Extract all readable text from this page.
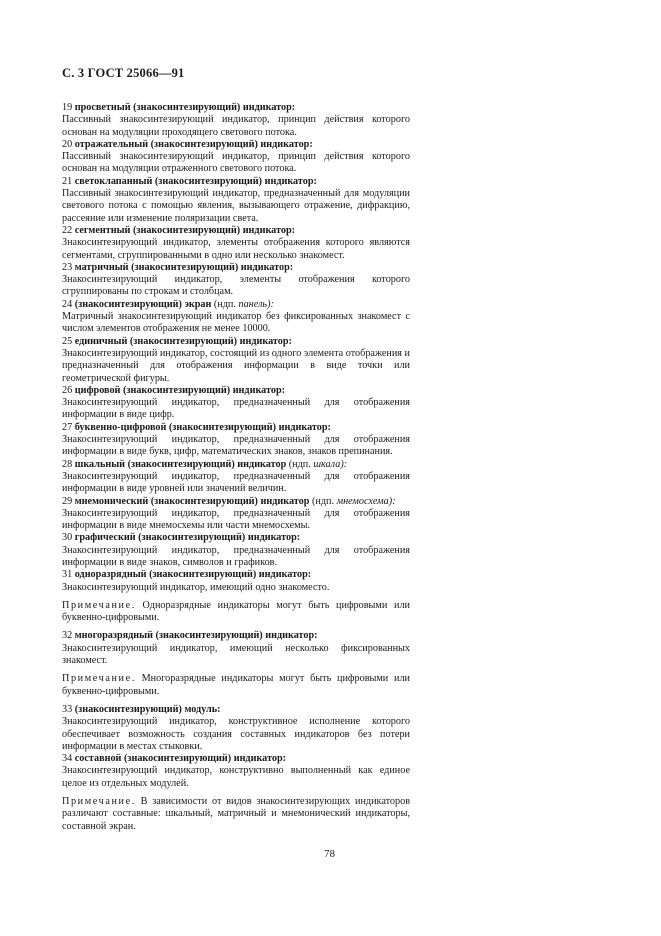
С. 3 ГОСТ 25066—91

19 просветный (знакосинтезирующий) индикатор:

Пассивный знакосинтезирующий индикатор, принцип действия которого основан на модуляции проходящего светового потока.

20 отражательный (знакосинтезирующий) индикатор:

Пассивный знакосинтезирующий индикатор, принцип действия которого основан на модуляции отраженного светового потока.

21 светоклапанный (знакосинтезирующий) индикатор:

Пассивный знакосинтезирующий индикатор, предназначенный для модуляции светового потока с помощью явления, вызывающего отражение, дифракцию, рассеяние или изменение поляризации света.

22 сегментный (знакосинтезирующий) индикатор:

Знакосинтезирующий индикатор, элементы отображения которого являются сегментами, сгруппированными в одно или несколько знакомест.

23 матричный (знакосинтезирующий) индикатор:

Знакосинтезирующий индикатор, элементы отображения которого сгруппированы по строкам и столбцам.

24 (знакосинтезирующий) экран (ндп. панель):

Матричный знакосинтезирующий индикатор без фиксированных знакомест с числом элементов отображения не менее 10000.

25 единичный (знакосинтезирующий) индикатор:

Знакосинтезирующий индикатор, состоящий из одного элемента отображения и предназначенный для отображения информации в виде точки или геометрической фигуры.

26 цифровой (знакосинтезирующий) индикатор:

Знакосинтезирующий индикатор, предназначенный для отображения информации в виде цифр.

27 буквенно-цифровой (знакосинтезирующий) индикатор:

Знакосинтезирующий индикатор, предназначенный для отображения информации в виде букв, цифр, математических знаков, знаков препинания.

28 шкальный (знакосинтезирующий) индикатор (ндп. шкала):

Знакосинтезирующий индикатор, предназначенный для отображения информации в виде уровней или значений величин.

29 мнемонический (знакосинтезирующий) индикатор (ндп. мнемосхема):

Знакосинтезирующий индикатор, предназначенный для отображения информации в виде мнемосхемы или части мнемосхемы.

30 графический (знакосинтезирующий) индикатор:

Знакосинтезирующий индикатор, предназначенный для отображения информации в виде знаков, символов и графиков.

31 одноразрядный (знакосинтезирующий) индикатор:

Знакосинтезирующий индикатор, имеющий одно знакоместо.

Примечание. Одноразрядные индикаторы могут быть цифровыми или буквенно-цифровыми.

32 многоразрядный (знакосинтезирующий) индикатор:

Знакосинтезирующий индикатор, имеющий несколько фиксированных знакомест.

Примечание. Многоразрядные индикаторы могут быть цифровыми или буквенно-цифровыми.

33 (знакосинтезирующий) модуль:

Знакосинтезирующий индикатор, конструктивное исполнение которого обеспечивает возможность создания составных индикаторов без потери информации в местах стыковки.

34 составной (знакосинтезирующий) индикатор:

Знакосинтезирующий индикатор, конструктивно выполненный как единое целое из отдельных модулей.

Примечание. В зависимости от видов знакосинтезирующих индикаторов различают составные: шкальный, матричный и мнемонический индикаторы, составной экран.

78
